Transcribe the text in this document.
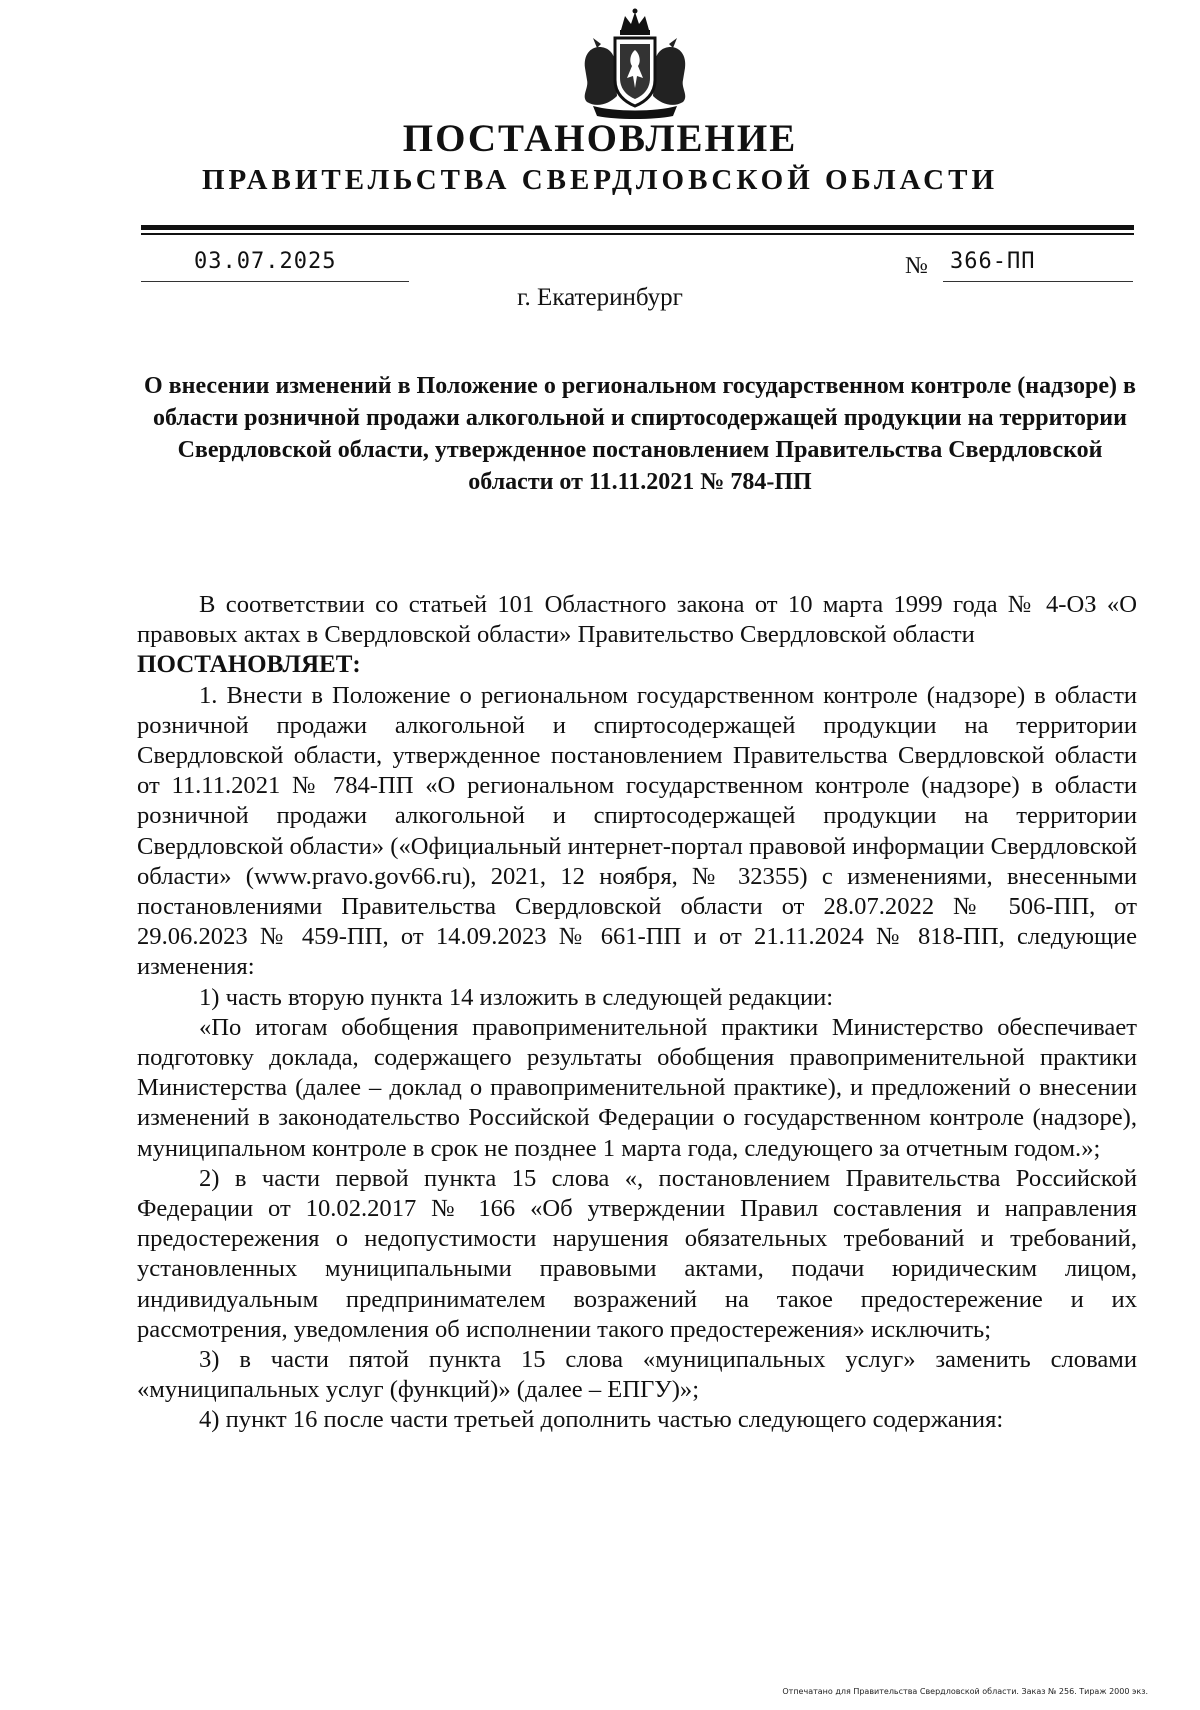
ПОСТАНОВЛЕНИЕ
ПРАВИТЕЛЬСТВА СВЕРДЛОВСКОЙ ОБЛАСТИ
03.07.2025	№ 366-ПП
г. Екатеринбург
О внесении изменений в Положение о региональном государственном контроле (надзоре) в области розничной продажи алкогольной и спиртосодержащей продукции на территории Свердловской области, утвержденное постановлением Правительства Свердловской области от 11.11.2021 № 784-ПП

В соответствии со статьей 101 Областного закона от 10 марта 1999 года № 4-ОЗ «О правовых актах в Свердловской области» Правительство Свердловской области

ПОСТАНОВЛЯЕТ:

1. Внести в Положение о региональном государственном контроле (надзоре) в области розничной продажи алкогольной и спиртосодержащей продукции на территории Свердловской области, утвержденное постановлением Правительства Свердловской области от 11.11.2021 № 784-ПП «О региональном государственном контроле (надзоре) в области розничной продажи алкогольной и спиртосодержащей продукции на территории Свердловской области» («Официальный интернет-портал правовой информации Свердловской области» (www.pravo.gov66.ru), 2021, 12 ноября, № 32355) с изменениями, внесенными постановлениями Правительства Свердловской области от 28.07.2022 № 506-ПП, от 29.06.2023 № 459-ПП, от 14.09.2023 № 661-ПП и от 21.11.2024 № 818-ПП, следующие изменения:

1) часть вторую пункта 14 изложить в следующей редакции:

«По итогам обобщения правоприменительной практики Министерство обеспечивает подготовку доклада, содержащего результаты обобщения правоприменительной практики Министерства (далее – доклад о правоприменительной практике), и предложений о внесении изменений в законодательство Российской Федерации о государственном контроле (надзоре), муниципальном контроле в срок не позднее 1 марта года, следующего за отчетным годом.»;

2) в части первой пункта 15 слова «, постановлением Правительства Российской Федерации от 10.02.2017 № 166 «Об утверждении Правил составления и направления предостережения о недопустимости нарушения обязательных требований и требований, установленных муниципальными правовыми актами, подачи юридическим лицом, индивидуальным предпринимателем возражений на такое предостережение и их рассмотрения, уведомления об исполнении такого предостережения» исключить;

3) в части пятой пункта 15 слова «муниципальных услуг» заменить словами «муниципальных услуг (функций)» (далее – ЕПГУ)»;

4) пункт 16 после части третьей дополнить частью следующего содержания:

Отпечатано для Правительства Свердловской области. Заказ № 256. Тираж 2000 экз.
